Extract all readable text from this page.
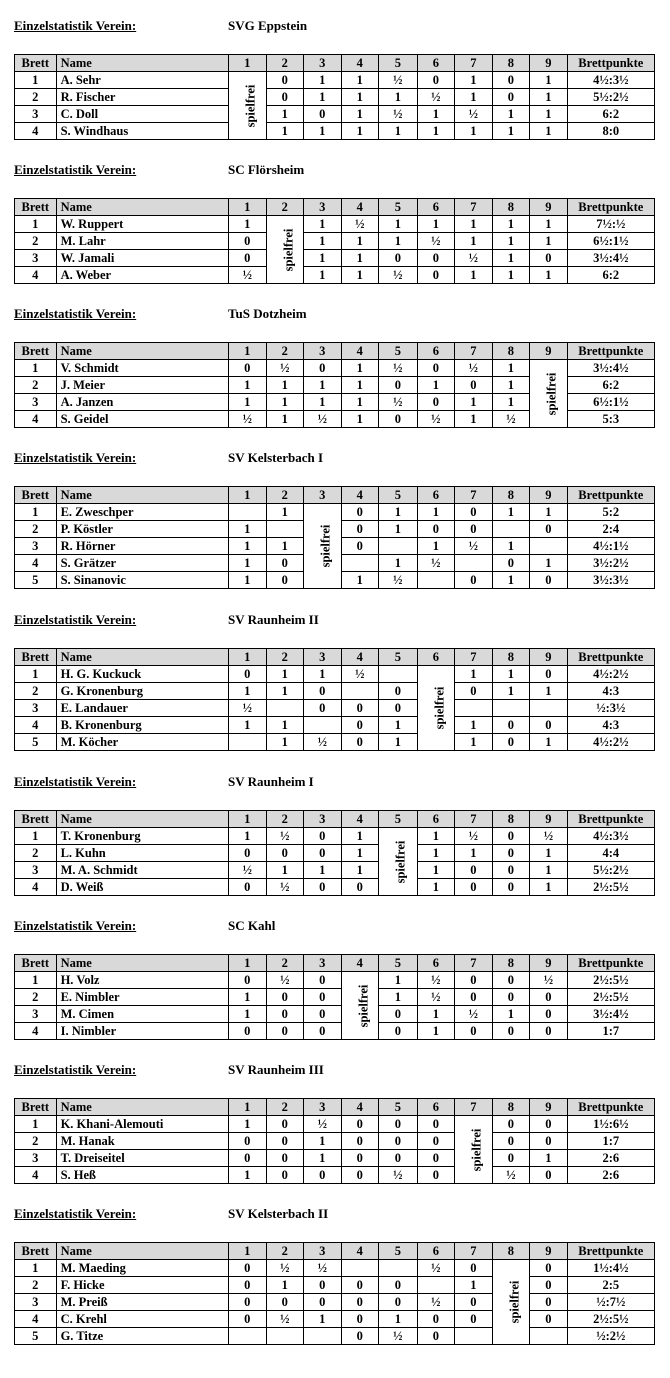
Einzelstatistik Verein:	SVG Eppstein
Brett	Name	1	2	3	4	5	6	7	8	9	Brettpunkte
1	A. Sehr	spielfrei	0	1	1	½	0	1	0	1	4½:3½
2	R. Fischer		0	1	1	1	½	1	0	1	5½:2½
3	C. Doll		1	0	1	½	1	½	1	1	6:2
4	S. Windhaus		1	1	1	1	1	1	1	1	8:0
Einzelstatistik Verein:	SC Flörsheim
Brett	Name	1	2	3	4	5	6	7	8	9	Brettpunkte
1	W. Ruppert	1	spielfrei	1	½	1	1	1	1	1	7½:½
2	M. Lahr	0		1	1	1	½	1	1	1	6½:1½
3	W. Jamali	0		1	1	0	0	½	1	0	3½:4½
4	A. Weber	½		1	1	½	0	1	1	1	6:2
Einzelstatistik Verein:	TuS Dotzheim
Brett	Name	1	2	3	4	5	6	7	8	9	Brettpunkte
1	V. Schmidt	0	½	0	1	½	0	½	1	spielfrei	3½:4½
2	J. Meier	1	1	1	1	0	1	0	1		6:2
3	A. Janzen	1	1	1	1	½	0	1	1		6½:1½
4	S. Geidel	½	1	½	1	0	½	1	½		5:3
Einzelstatistik Verein:	SV Kelsterbach I
Brett	Name	1	2	3	4	5	6	7	8	9	Brettpunkte
1	E. Zweschper		1	spielfrei	0	1	1	0	1	1	5:2
2	P. Köstler	1			0	1	0	0		0	2:4
3	R. Hörner	1	1		0		1	½	1		4½:1½
4	S. Grätzer	1	0			1	½		0	1	3½:2½
5	S. Sinanovic	1	0		1	½		0	1	0	3½:3½
Einzelstatistik Verein:	SV Raunheim II
Brett	Name	1	2	3	4	5	6	7	8	9	Brettpunkte
1	H. G. Kuckuck	0	1	1	½		spielfrei	1	1	0	4½:2½
2	G. Kronenburg	1	1	0		0		0	1	1	4:3
3	E. Landauer	½		0	0	0					½:3½
4	B. Kronenburg	1	1		0	1		1	0	0	4:3
5	M. Köcher		1	½	0	1		1	0	1	4½:2½
Einzelstatistik Verein:	SV Raunheim I
Brett	Name	1	2	3	4	5	6	7	8	9	Brettpunkte
1	T. Kronenburg	1	½	0	1	spielfrei	1	½	0	½	4½:3½
2	L. Kuhn	0	0	0	1		1	1	0	1	4:4
3	M. A. Schmidt	½	1	1	1		1	0	0	1	5½:2½
4	D. Weiß	0	½	0	0		1	0	0	1	2½:5½
Einzelstatistik Verein:	SC Kahl
Brett	Name	1	2	3	4	5	6	7	8	9	Brettpunkte
1	H. Volz	0	½	0	spielfrei	1	½	0	0	½	2½:5½
2	E. Nimbler	1	0	0		1	½	0	0	0	2½:5½
3	M. Cimen	1	0	0		0	1	½	1	0	3½:4½
4	I. Nimbler	0	0	0		0	1	0	0	0	1:7
Einzelstatistik Verein:	SV Raunheim III
Brett	Name	1	2	3	4	5	6	7	8	9	Brettpunkte
1	K. Khani-Alemouti	1	0	½	0	0	0	spielfrei	0	0	1½:6½
2	M. Hanak	0	0	1	0	0	0		0	0	1:7
3	T. Dreiseitel	0	0	1	0	0	0		0	1	2:6
4	S. Heß	1	0	0	0	½	0		½	0	2:6
Einzelstatistik Verein:	SV Kelsterbach II
Brett	Name	1	2	3	4	5	6	7	8	9	Brettpunkte
1	M. Maeding	0	½	½			½	0	spielfrei	0	1½:4½
2	F. Hicke	0	1	0	0	0		1		0	2:5
3	M. Preiß	0	0	0	0	0	½	0		0	½:7½
4	C. Krehl	0	½	1	0	1	0	0		0	2½:5½
5	G. Titze				0	½	0				½:2½
